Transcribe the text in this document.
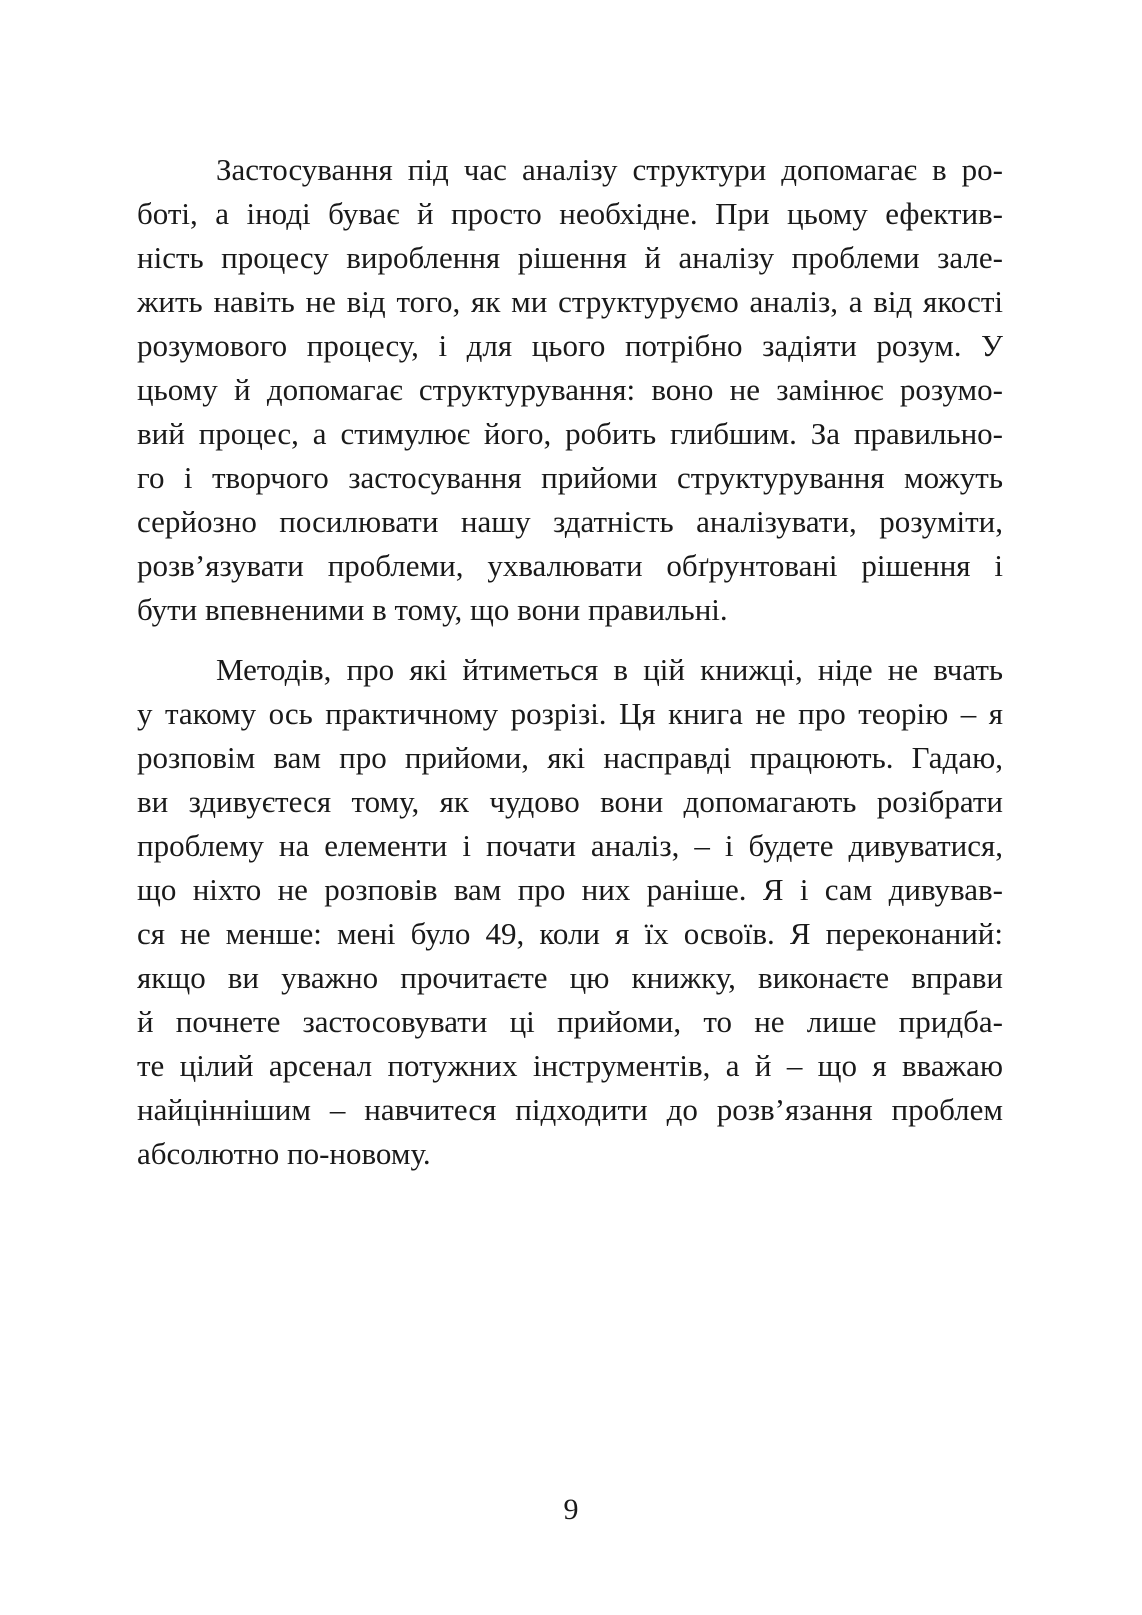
Застосування під час аналізу структури допомагає в ро-
боті, а іноді буває й просто необхідне. При цьому ефектив-
ність процесу вироблення рішення й аналізу проблеми зале-
жить навіть не від того, як ми структуруємо аналіз, а від якості
розумового процесу, і для цього потрібно задіяти розум. У
цьому й допомагає структурування: воно не замінює розумо-
вий процес, а стимулює його, робить глибшим. За правильно-
го і творчого застосування прийоми структурування можуть
серйозно посилювати нашу здатність аналізувати, розуміти,
розв’язувати проблеми, ухвалювати обґрунтовані рішення і
бути впевненими в тому, що вони правильні.

Методів, про які йтиметься в цій книжці, ніде не вчать
у такому ось практичному розрізі. Ця книга не про теорію – я
розповім вам про прийоми, які насправді працюють. Гадаю,
ви здивуєтеся тому, як чудово вони допомагають розібрати
проблему на елементи і почати аналіз, – і будете дивуватися,
що ніхто не розповів вам про них раніше. Я і сам дивував-
ся не менше: мені було 49, коли я їх освоїв. Я переконаний:
якщо ви уважно прочитаєте цю книжку, виконаєте вправи
й почнете застосовувати ці прийоми, то не лише придба-
те цілий арсенал потужних інструментів, а й – що я вважаю
найціннішим – навчитеся підходити до розв’язання проблем
абсолютно по-новому.

9
